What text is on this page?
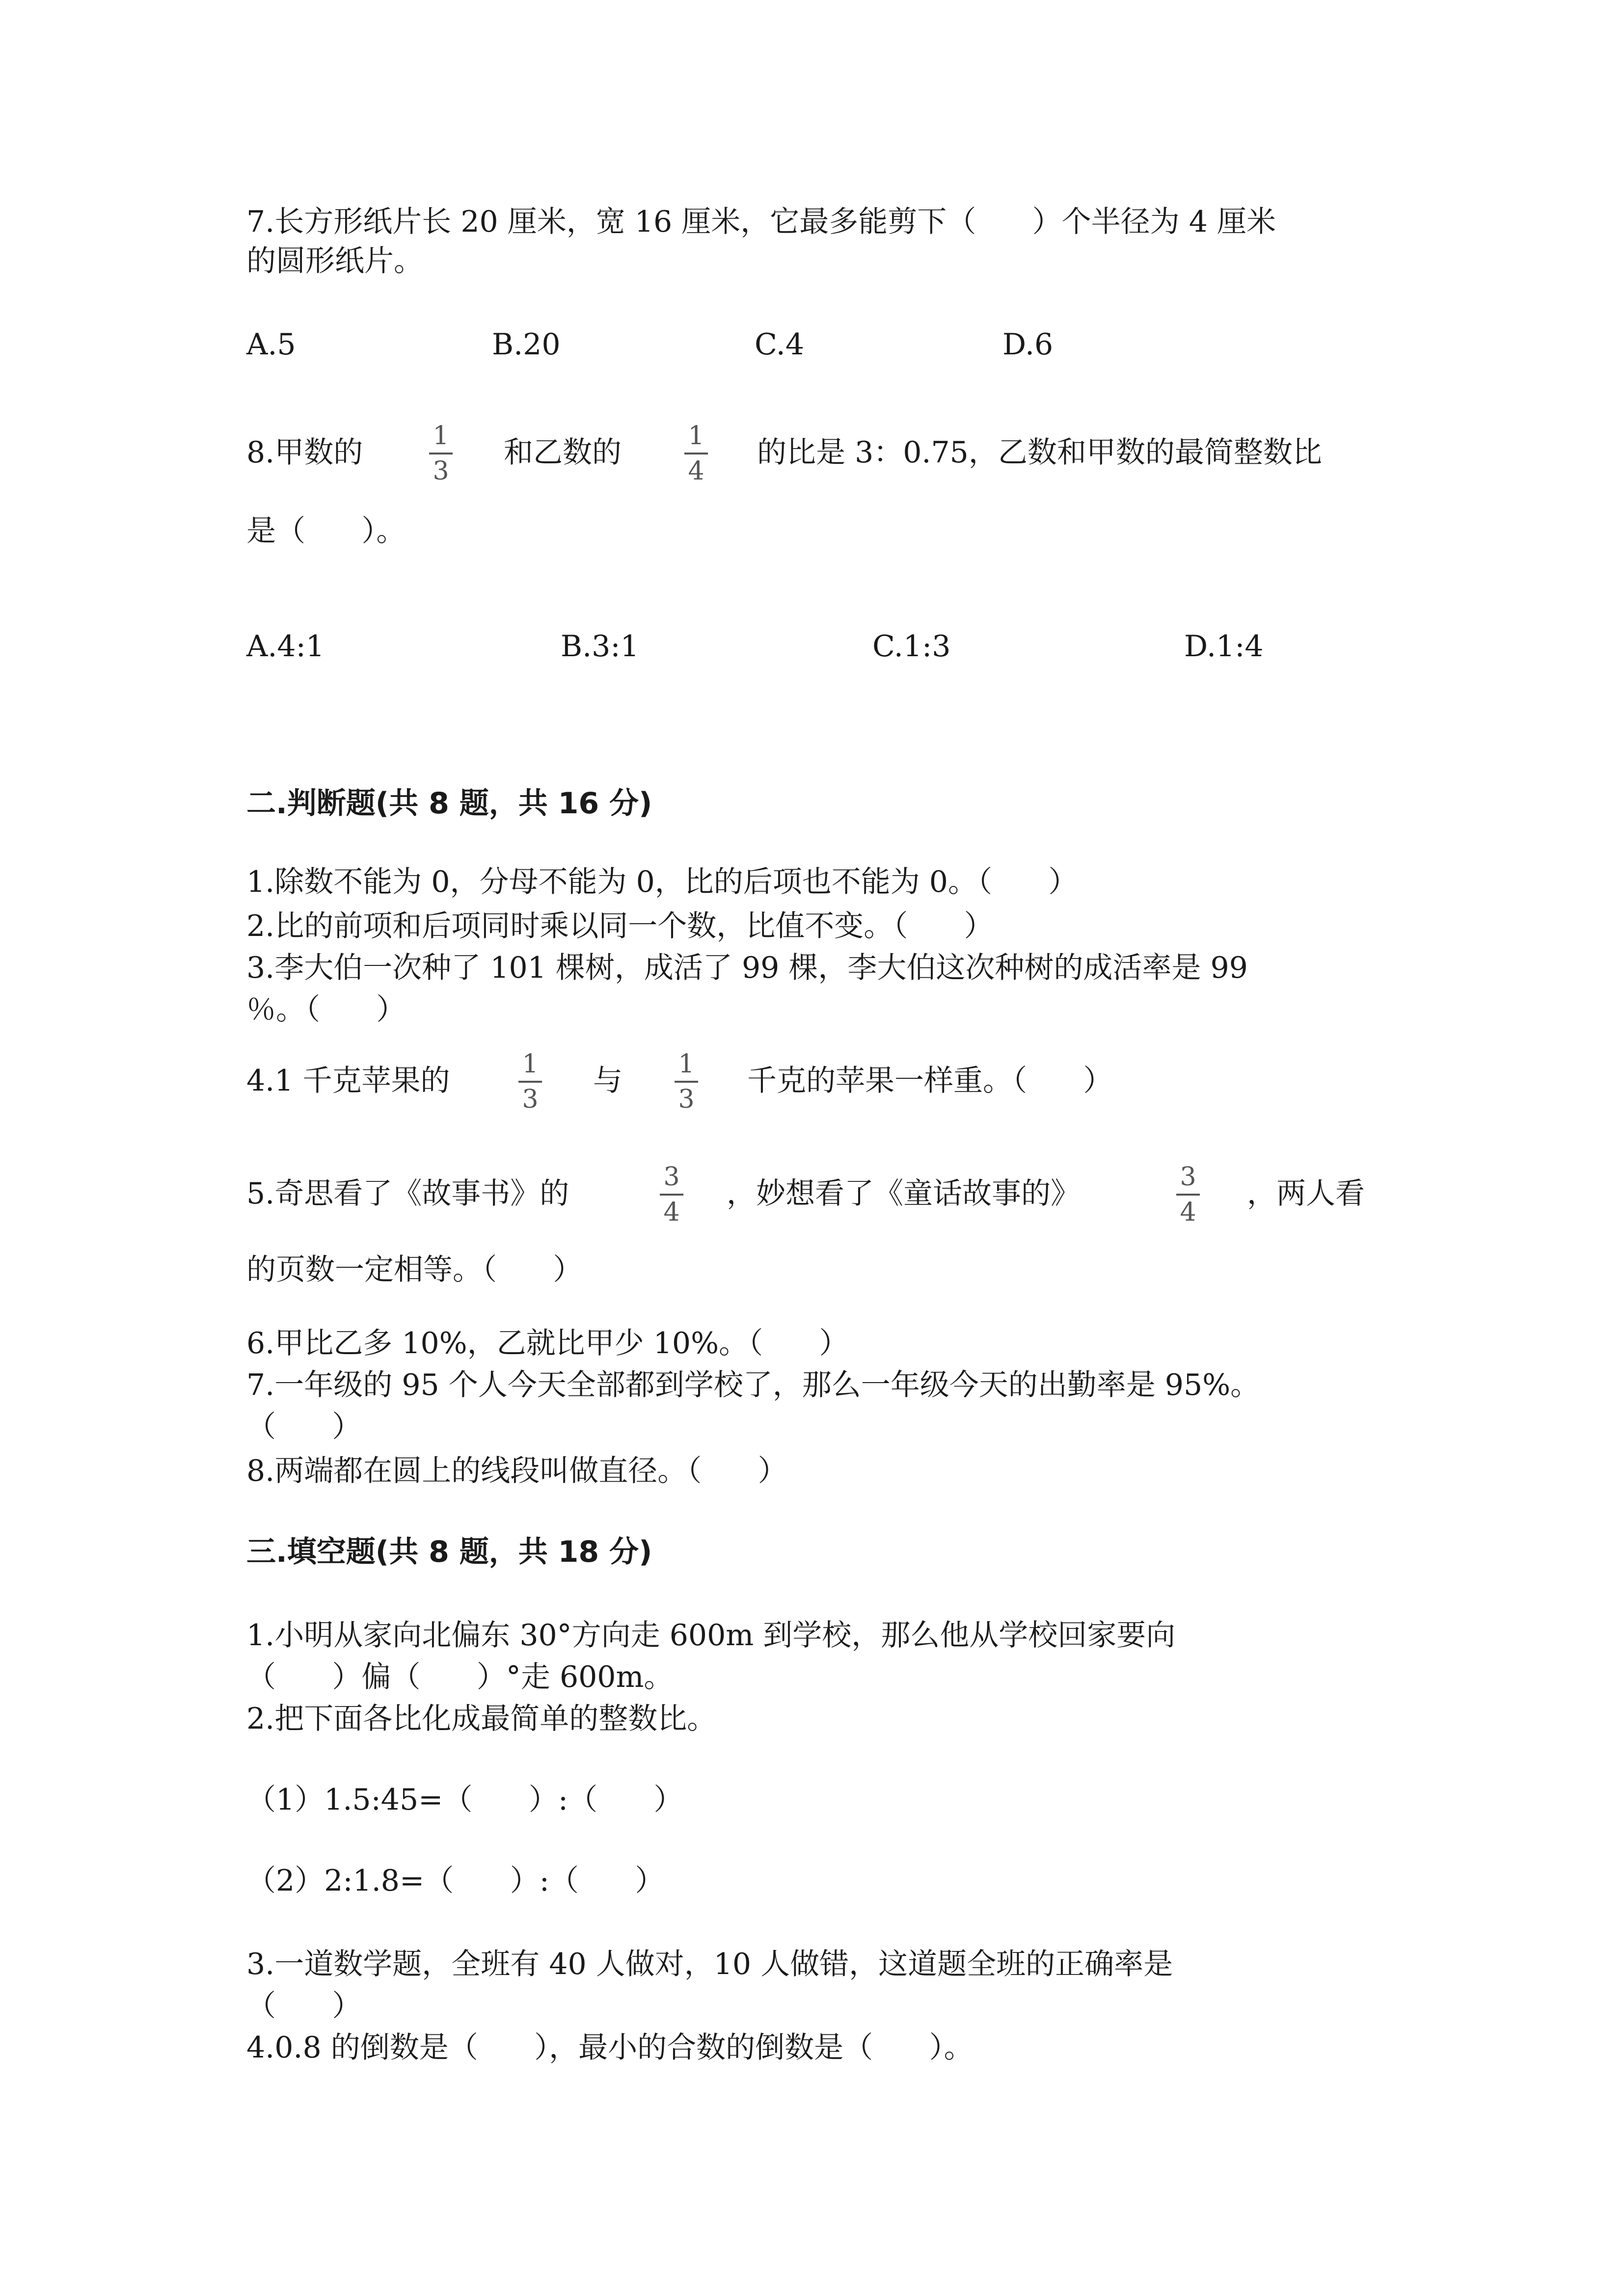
7.长方形纸片长 20 厘米，宽 16 厘米，它最多能剪下（      ）个半径为 4 厘米
的圆形纸片。
A.5	B.20	C.4	D.6
8.甲数的	1
3
和乙数的	1
4
的比是 3：0.75，乙数和甲数的最简整数比
是（      ）。
A.4:1	B.3:1	C.1:3	D.1:4
二.判断题(共 8 题，共 16 分)
1.除数不能为 0，分母不能为 0，比的后项也不能为 0。（      ）
2.比的前项和后项同时乘以同一个数，比值不变。（      ）
3.李大伯一次种了 101 棵树，成活了 99 棵，李大伯这次种树的成活率是 99
％。（      ）
4.1 千克苹果的	1
3
与 1
3
千克的苹果一样重。（      ）
5.奇思看了《故事书》的	3
4
，妙想看了《童话故事的》	3
4
，两人看
的页数一定相等。（      ）
6.甲比乙多 10%，乙就比甲少 10%。（      ）
7.一年级的 95 个人今天全部都到学校了，那么一年级今天的出勤率是 95%。
（      ）
8.两端都在圆上的线段叫做直径。（      ）
三.填空题(共 8 题，共 18 分)
1.小明从家向北偏东 30°方向走 600m 到学校，那么他从学校回家要向
（      ）偏（      ）°走 600m。
2.把下面各比化成最简单的整数比。
（1）1.5:45=（      ）:（      ）
（2）2:1.8=（      ）:（      ）
3.一道数学题，全班有 40 人做对，10 人做错，这道题全班的正确率是
（      ）
4.0.8 的倒数是（      ），最小的合数的倒数是（      ）。
